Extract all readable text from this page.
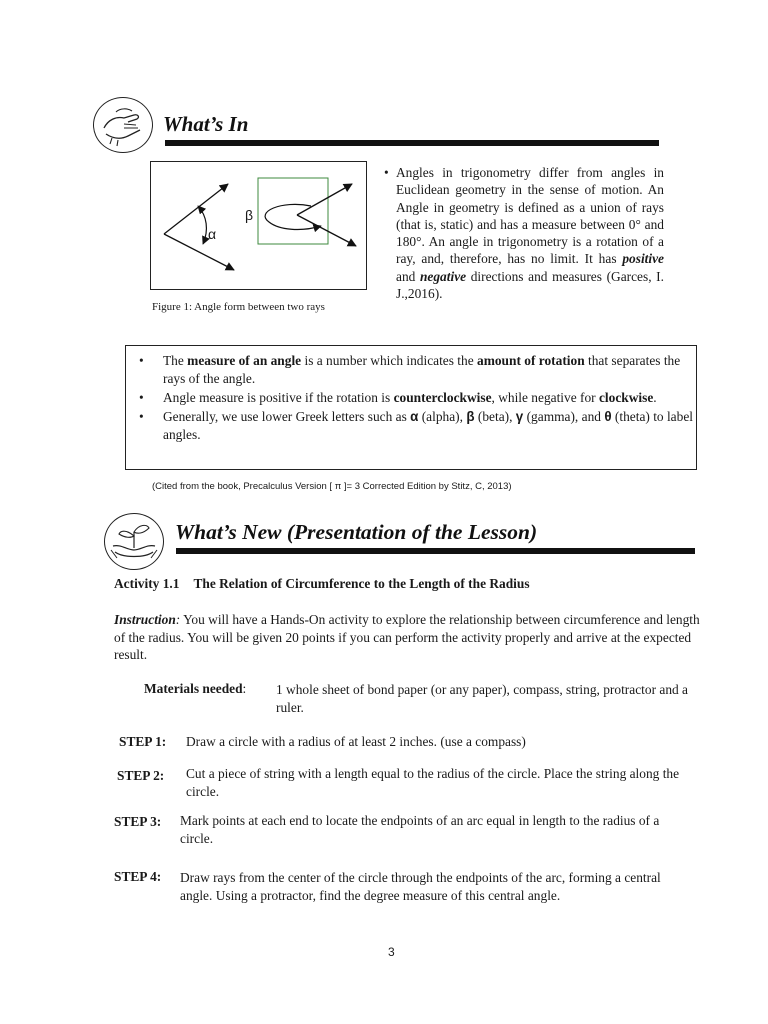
What’s In
α
β
Figure 1: Angle form between two rays
• Angles in trigonometry differ from angles in Euclidean geometry in the sense of motion. An Angle in geometry is defined as a union of rays (that is, static) and has a measure between 0° and 180°. An angle in trigonometry is a rotation of a ray, and, therefore, has no limit. It has positive and negative directions and measures (Garces, I. J.,2016).
• The measure of an angle is a number which indicates the amount of rotation that separates the rays of the angle.
• Angle measure is positive if the rotation is counterclockwise, while negative for clockwise.
• Generally, we use lower Greek letters such as α (alpha), β (beta), γ (gamma), and θ (theta) to label angles.
(Cited from the book, Precalculus Version [ π ]= 3 Corrected Edition by Stitz, C, 2013)
What’s New (Presentation of the Lesson)
Activity 1.1 The Relation of Circumference to the Length of the Radius
Instruction: You will have a Hands-On activity to explore the relationship between circumference and length of the radius. You will be given 20 points if you can perform the activity properly and arrive at the expected result.
Materials needed: 1 whole sheet of bond paper (or any paper), compass, string, protractor and a ruler.
STEP 1: Draw a circle with a radius of at least 2 inches. (use a compass)
STEP 2: Cut a piece of string with a length equal to the radius of the circle. Place the string along the circle.
STEP 3: Mark points at each end to locate the endpoints of an arc equal in length to the radius of a circle.
STEP 4: Draw rays from the center of the circle through the endpoints of the arc, forming a central angle. Using a protractor, find the degree measure of this central angle.
3
